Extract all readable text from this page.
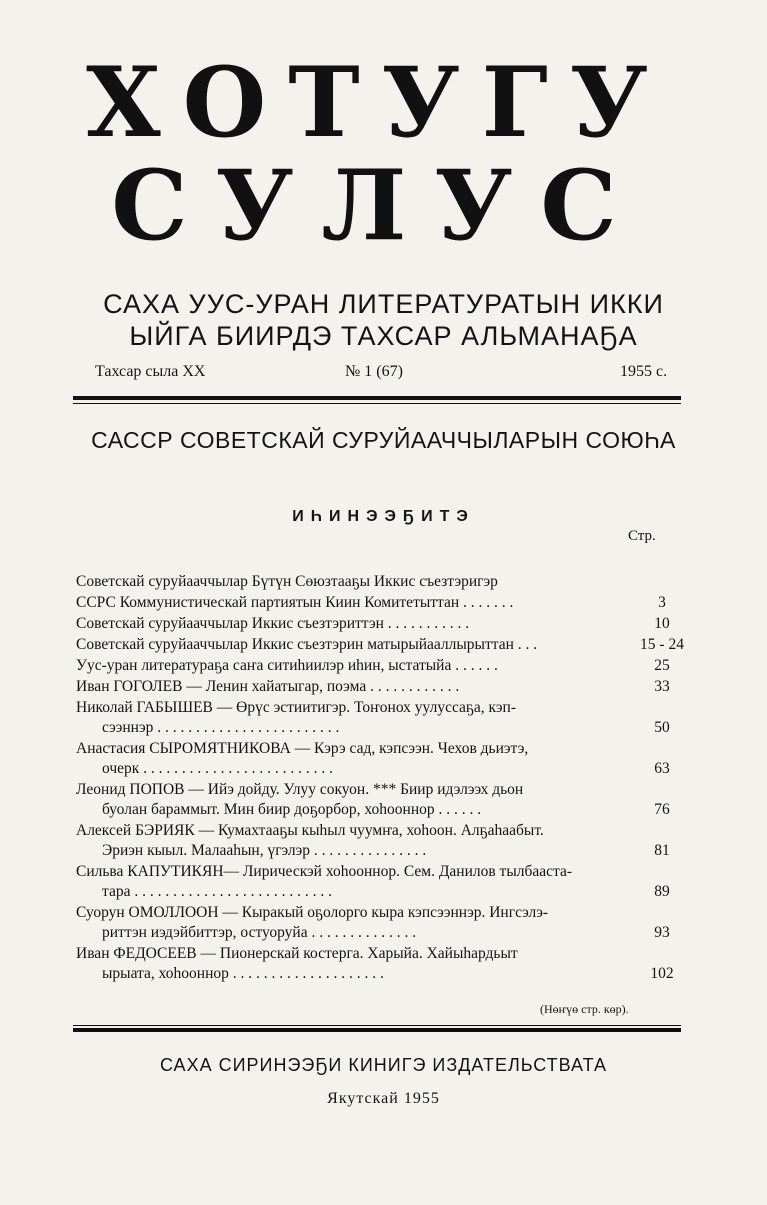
ХОТУГУ
СУЛУС
САХА УУС-УРАН ЛИТЕРАТУРАТЫН ИККИ
ЫЙГА БИИРДЭ ТАХСАР АЛЬМАНАҔА
Тахсар сыла XX	№ 1 (67)	1955 с.
САССР СОВЕТСКАЙ СУРУЙААЧЧЫЛАРЫН СОЮҺА
ИҺИНЭЭҔИТЭ
Стр.
Советскай суруйааччылар Бүтүн Сөюзтааҕы Иккис съезтэригэр
ССРС Коммунистическай партиятын Киин Комитетыттан . . . . . . .	3
Советскай суруйааччылар Иккис съезтэриттэн . . . . . . . . . . .	10
Советскай суруйааччылар Иккис съезтэрин матырыйааллырыттан . . .	15 - 24
Уус-уран литератураҕа саҥа ситиһиилэр иһин, ыстатыйа . . . . . .	25
Иван ГОГОЛЕВ — Ленин хайатыгар, поэма . . . . . . . . . . . .	33
Николай ГАБЫШЕВ — Өрүс эстиитигэр. Тоҥонох уулуссаҕа, кэп-
сээннэр . . . . . . . . . . . . . . . . . . . . . . . .	50
Анастасия СЫРОМЯТНИКОВА — Кэрэ сад, кэпсээн. Чехов дьиэтэ,
очерк . . . . . . . . . . . . . . . . . . . . . . . . .	63
Леонид ПОПОВ — Ийэ дойду. Улуу сокуон. *** Биир идэлээх дьон
буолан бараммыт. Мин биир доҕорбор, хоһооннор . . . . . .	76
Алексей БЭРИЯК — Кумахтааҕы кыһыл чуумҥа, хоһоон. Алҕаһаабыт.
Эриэн кыыл. Малааһын, үгэлэр . . . . . . . . . . . . . . .	81
Сильва КАПУТИКЯН— Лирическэй хоһооннор. Сем. Данилов тылбааста-
тара . . . . . . . . . . . . . . . . . . . . . . . . . .	89
Суорун ОМОЛЛООН — Кыракый оҕолорго кыра кэпсээннэр. Ингсэлэ-
риттэн иэдэйбиттэр, остуоруйа . . . . . . . . . . . . . .	93
Иван ФЕДОСЕЕВ — Пионерскай костерга. Харыйа. Хайыһардьыт
ырыата, хоһооннор . . . . . . . . . . . . . . . . . . . .	102
(Нөҥүө стр. көр).
САХА СИРИНЭЭҔИ КИНИГЭ ИЗДАТЕЛЬСТВАТА
Якутскай 1955
